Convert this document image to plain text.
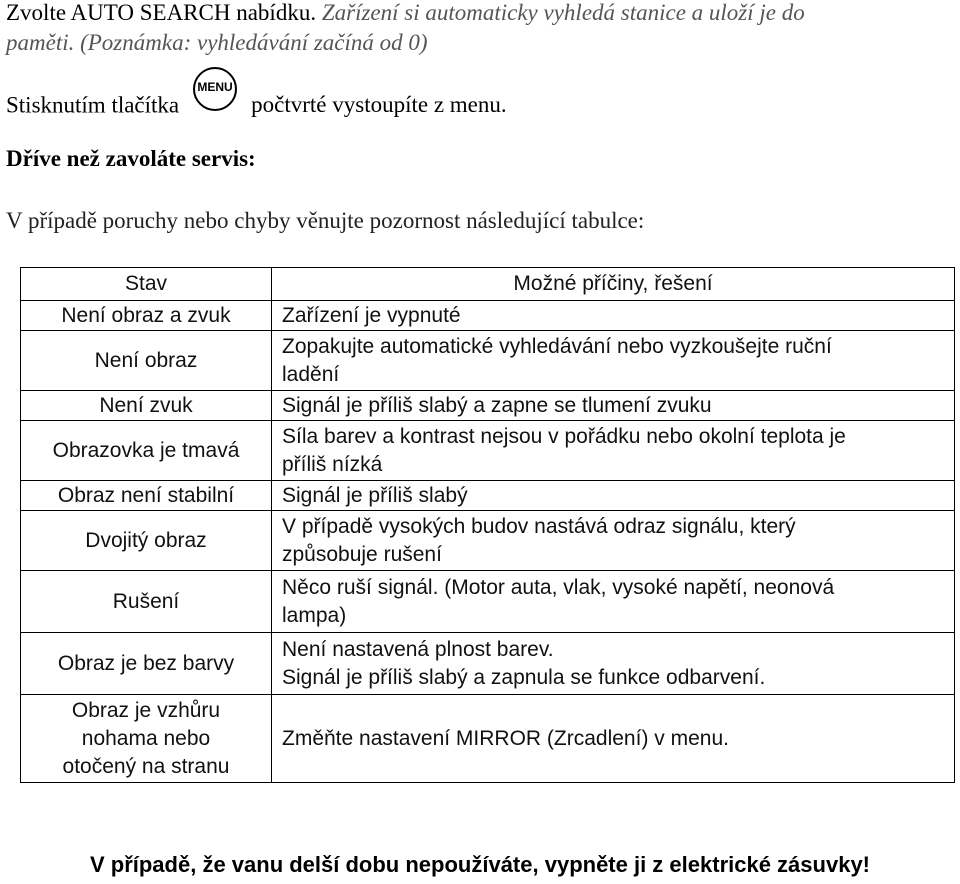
Zvolte AUTO SEARCH nabídku. Zařízení si automaticky vyhledá stanice a uloží je do
paměti. (Poznámka: vyhledávání začíná od 0)
Stisknutím tlačítka
MENU
počtvrté vystoupíte z menu.
Dříve než zavoláte servis:
V případě poruchy nebo chyby věnujte pozornost následující tabulce:
Stav	Možné příčiny, řešení

Není obraz a zvuk	Zařízení je vypnuté

Není obraz	Zopakujte automatické vyhledávání nebo vyzkoušejte ruční
ladění

Není zvuk	Signál je příliš slabý a zapne se tlumení zvuku

Obrazovka je tmavá	Síla barev a kontrast nejsou v pořádku nebo okolní teplota je
příliš nízká

Obraz není stabilní	Signál je příliš slabý

Dvojitý obraz	V případě vysokých budov nastává odraz signálu, který
způsobuje rušení

Rušení	Něco ruší signál. (Motor auta, vlak, vysoké napětí, neonová
lampa)

Obraz je bez barvy	Není nastavená plnost barev.
Signál je příliš slabý a zapnula se funkce odbarvení.

Obraz je vzhůru
nohama nebo
otočený na stranu	Změňte nastavení MIRROR (Zrcadlení) v menu.
V případě, že vanu delší dobu nepoužíváte, vypněte ji z elektrické zásuvky!
